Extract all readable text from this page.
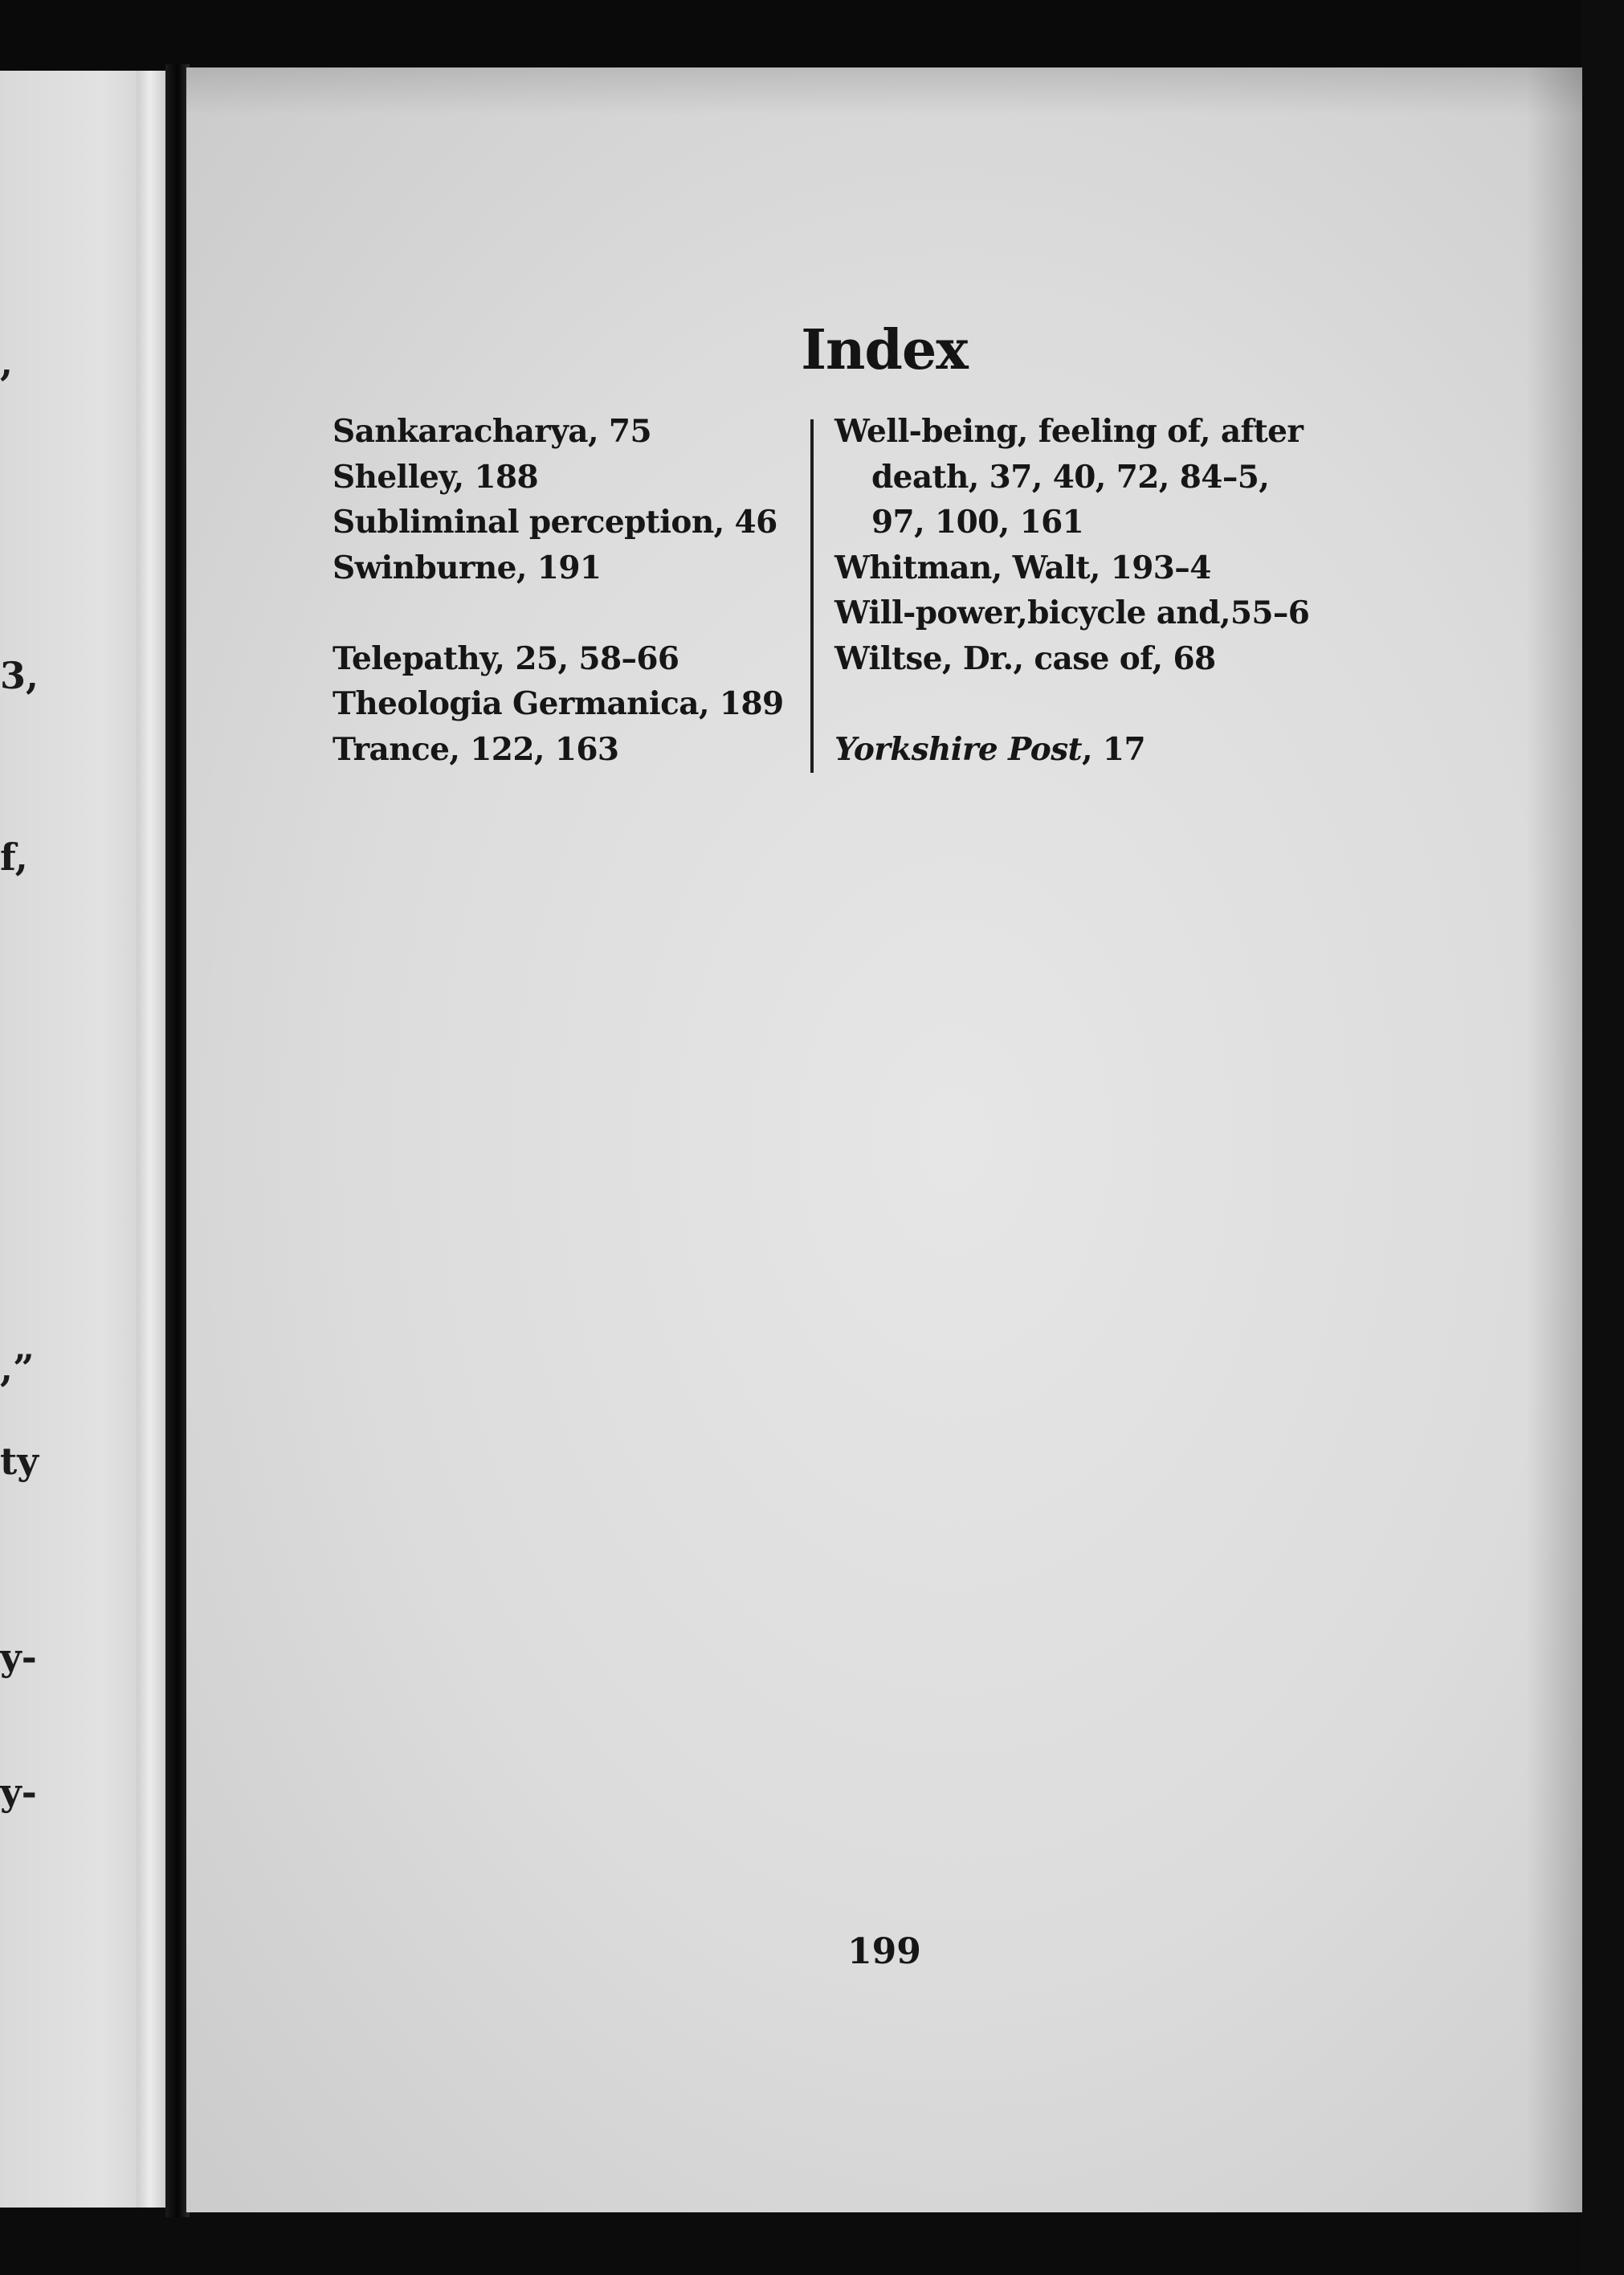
,
3,
f,
,”
ty
y-
y-
Index
Sankaracharya, 75
Shelley, 188
Subliminal perception, 46
Swinburne, 191
Telepathy, 25, 58–66
Theologia Germanica, 189
Trance, 122, 163
Well-being, feeling of, after
death, 37, 40, 72, 84–5,
97, 100, 161
Whitman, Walt, 193–4
Will-power,bicycle and,55–6
Wiltse, Dr., case of, 68
Yorkshire Post, 17
199
